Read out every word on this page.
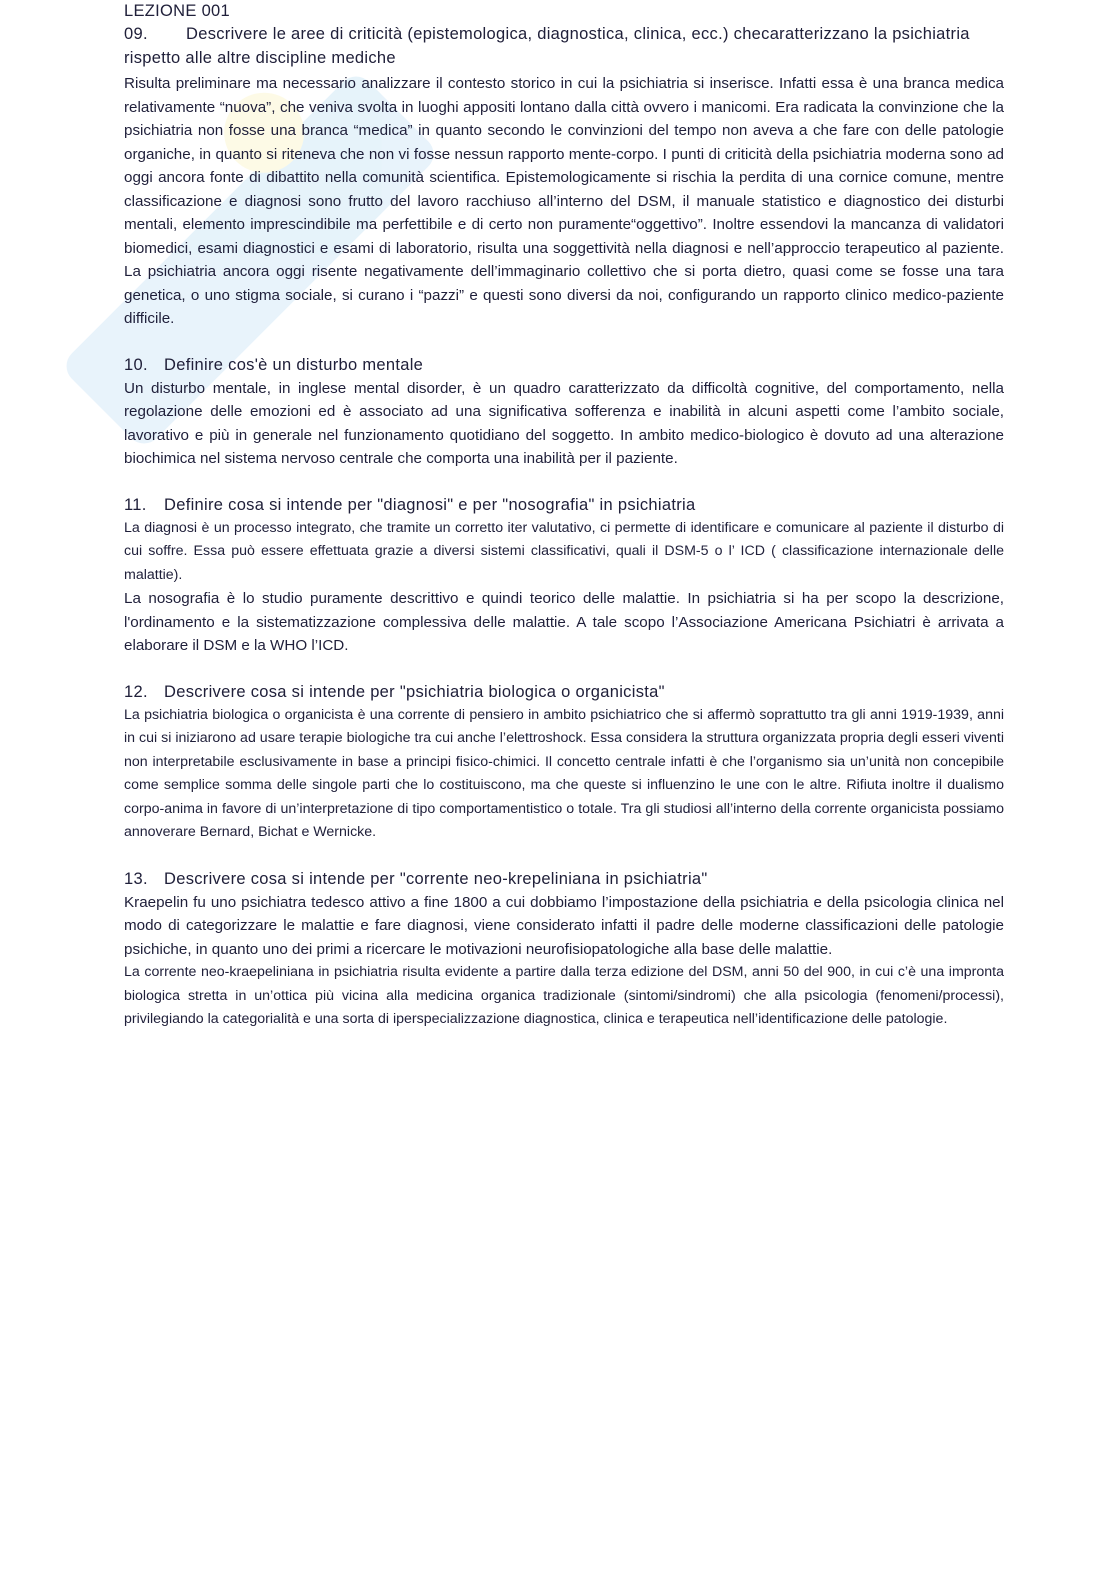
LEZIONE 001
09. Descrivere le aree di criticità (epistemologica, diagnostica, clinica, ecc.) checaratterizzano la psichiatria rispetto alle altre discipline mediche

Risulta preliminare ma necessario analizzare il contesto storico in cui la psichiatria si inserisce. Infatti essa è una branca medica relativamente “nuova”, che veniva svolta in luoghi appositi lontano dalla città ovvero i manicomi. Era radicata la convinzione che la psichiatria non fosse una branca “medica” in quanto secondo le convinzioni del tempo non aveva a che fare con delle patologie organiche, in quanto si riteneva che non vi fosse nessun rapporto mente-corpo. I punti di criticità della psichiatria moderna sono ad oggi ancora fonte di dibattito nella comunità scientifica. Epistemologicamente si rischia la perdita di una cornice comune, mentre classificazione e diagnosi sono frutto del lavoro racchiuso all’interno del DSM, il manuale statistico e diagnostico dei disturbi mentali, elemento imprescindibile ma perfettibile e di certo non puramente“oggettivo”. Inoltre essendovi la mancanza di validatori biomedici, esami diagnostici e esami di laboratorio, risulta una soggettività nella diagnosi e nell’approccio terapeutico al paziente. La psichiatria ancora oggi risente negativamente dell’immaginario collettivo che si porta dietro, quasi come se fosse una tara genetica, o uno stigma sociale, si curano i “pazzi” e questi sono diversi da noi, configurando un rapporto clinico medico-paziente difficile.

10. Definire cos'è un disturbo mentale

Un disturbo mentale, in inglese mental disorder, è un quadro caratterizzato da difficoltà cognitive, del comportamento, nella regolazione delle emozioni ed è associato ad una significativa sofferenza e inabilità in alcuni aspetti come l’ambito sociale, lavorativo e più in generale nel funzionamento quotidiano del soggetto. In ambito medico-biologico è dovuto ad una alterazione biochimica nel sistema nervoso centrale che comporta una inabilità per il paziente.

11. Definire cosa si intende per "diagnosi" e per "nosografia" in psichiatria

La diagnosi è un processo integrato, che tramite un corretto iter valutativo, ci permette di identificare e comunicare al paziente il disturbo di cui soffre. Essa può essere effettuata grazie a diversi sistemi classificativi, quali il DSM-5 o l’ ICD ( classificazione internazionale delle malattie).

La nosografia è lo studio puramente descrittivo e quindi teorico delle malattie. In psichiatria si ha per scopo la descrizione, l'ordinamento e la sistematizzazione complessiva delle malattie. A tale scopo l’Associazione Americana Psichiatri è arrivata a elaborare il DSM e la WHO l’ICD.

12. Descrivere cosa si intende per "psichiatria biologica o organicista"

La psichiatria biologica o organicista è una corrente di pensiero in ambito psichiatrico che si affermò soprattutto tra gli anni 1919-1939, anni in cui si iniziarono ad usare terapie biologiche tra cui anche l’elettroshock. Essa considera la struttura organizzata propria degli esseri viventi non interpretabile esclusivamente in base a principi fisico-chimici. Il concetto centrale infatti è che l’organismo sia un’unità non concepibile come semplice somma delle singole parti che lo costituiscono, ma che queste si influenzino le une con le altre. Rifiuta inoltre il dualismo corpo-anima in favore di un’interpretazione di tipo comportamentistico o totale. Tra gli studiosi all’interno della corrente organicista possiamo annoverare Bernard, Bichat e Wernicke.

13. Descrivere cosa si intende per "corrente neo-krepeliniana in psichiatria"

Kraepelin fu uno psichiatra tedesco attivo a fine 1800 a cui dobbiamo l’impostazione della psichiatria e della psicologia clinica nel modo di categorizzare le malattie e fare diagnosi, viene considerato infatti il padre delle moderne classificazioni delle patologie psichiche, in quanto uno dei primi a ricercare le motivazioni neurofisiopatologiche alla base delle malattie.

La corrente neo-kraepeliniana in psichiatria risulta evidente a partire dalla terza edizione del DSM, anni 50 del 900, in cui c’è una impronta biologica stretta in un’ottica più vicina alla medicina organica tradizionale (sintomi/sindromi) che alla psicologia (fenomeni/processi), privilegiando la categorialità e una sorta di iperspecializzazione diagnostica, clinica e terapeutica nell’identificazione delle patologie.
